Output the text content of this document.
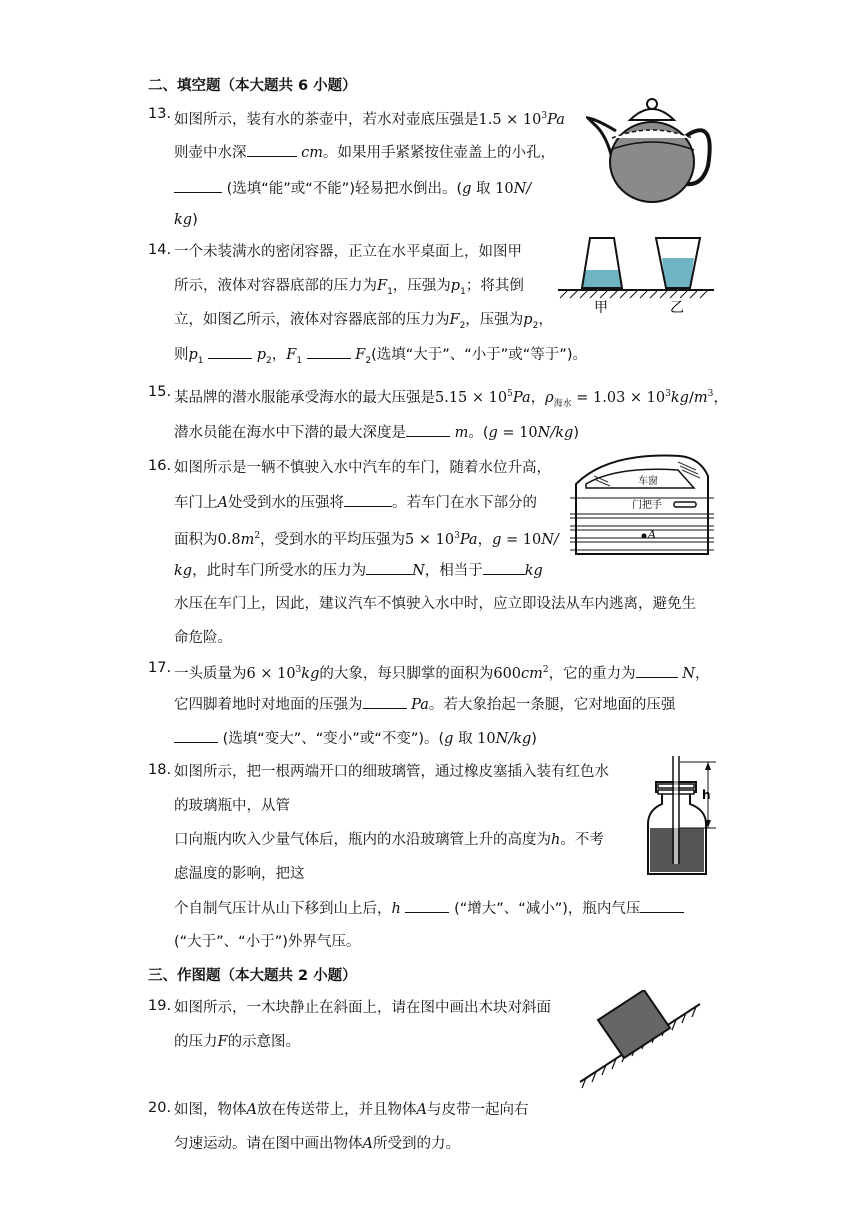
二、填空题（本大题共 6 小题）
13. 如图所示，装有水的茶壶中，若水对壶底压强是$1.5 \times 10^3Pa$
则壶中水深	cm。如果用手紧紧按住壶盖上的小孔，
(选填“能”或“不能”)轻易把水倒出。(g 取 10N/
kg)
14. 一个未装满水的密闭容器，正立在水平桌面上，如图甲
所示，液体对容器底部的压力为$F_1$，压强为$p_1$；将其倒
立，如图乙所示，液体对容器底部的压力为$F_2$，压强为$p_2$，
则$p_1$	$p_2$，$F_1$	$F_2$(选填“大于”、“小于”或“等于”)。
甲	乙
15. 某品牌的潜水服能承受海水的最大压强是$5.15 \times 10^5Pa$，$\rho_{海水} = 1.03 \times 10^3kg/m^3$，
潜水员能在海水中下潜的最大深度是	m。(g = 10N/kg)
16. 如图所示是一辆不慎驶入水中汽车的车门，随着水位升高，
车门上A处受到水的压强将	。若车门在水下部分的
面积为$0.8m^2$，受到水的平均压强为$5 \times 10^3Pa$，g = 10N/
kg，此时车门所受水的压力为	N，相当于	kg
水压在车门上，因此，建议汽车不慎驶入水中时，应立即设法从车内逃离，避免生
命危险。
车窗
门把手
A
17. 一头质量为$6 \times 10^3kg$的大象，每只脚掌的面积为$600cm^2$，它的重力为	N，
它四脚着地时对地面的压强为	Pa。若大象抬起一条腿，它对地面的压强
(选填“变大”、“变小”或“不变”)。(g 取 10N/kg)
18. 如图所示，把一根两端开口的细玻璃管，通过橡皮塞插入装有红色水
的玻璃瓶中，从管
口向瓶内吹入少量气体后，瓶内的水沿玻璃管上升的高度为h。不考
虑温度的影响，把这
个自制气压计从山下移到山上后，h	(“增大”、“减小”)，瓶内气压
(“大于”、“小于”)外界气压。
h
三、作图题（本大题共 2 小题）
19. 如图所示，一木块静止在斜面上，请在图中画出木块对斜面
的压力F的示意图。
20. 如图，物体A放在传送带上，并且物体A与皮带一起向右
匀速运动。请在图中画出物体A所受到的力。
